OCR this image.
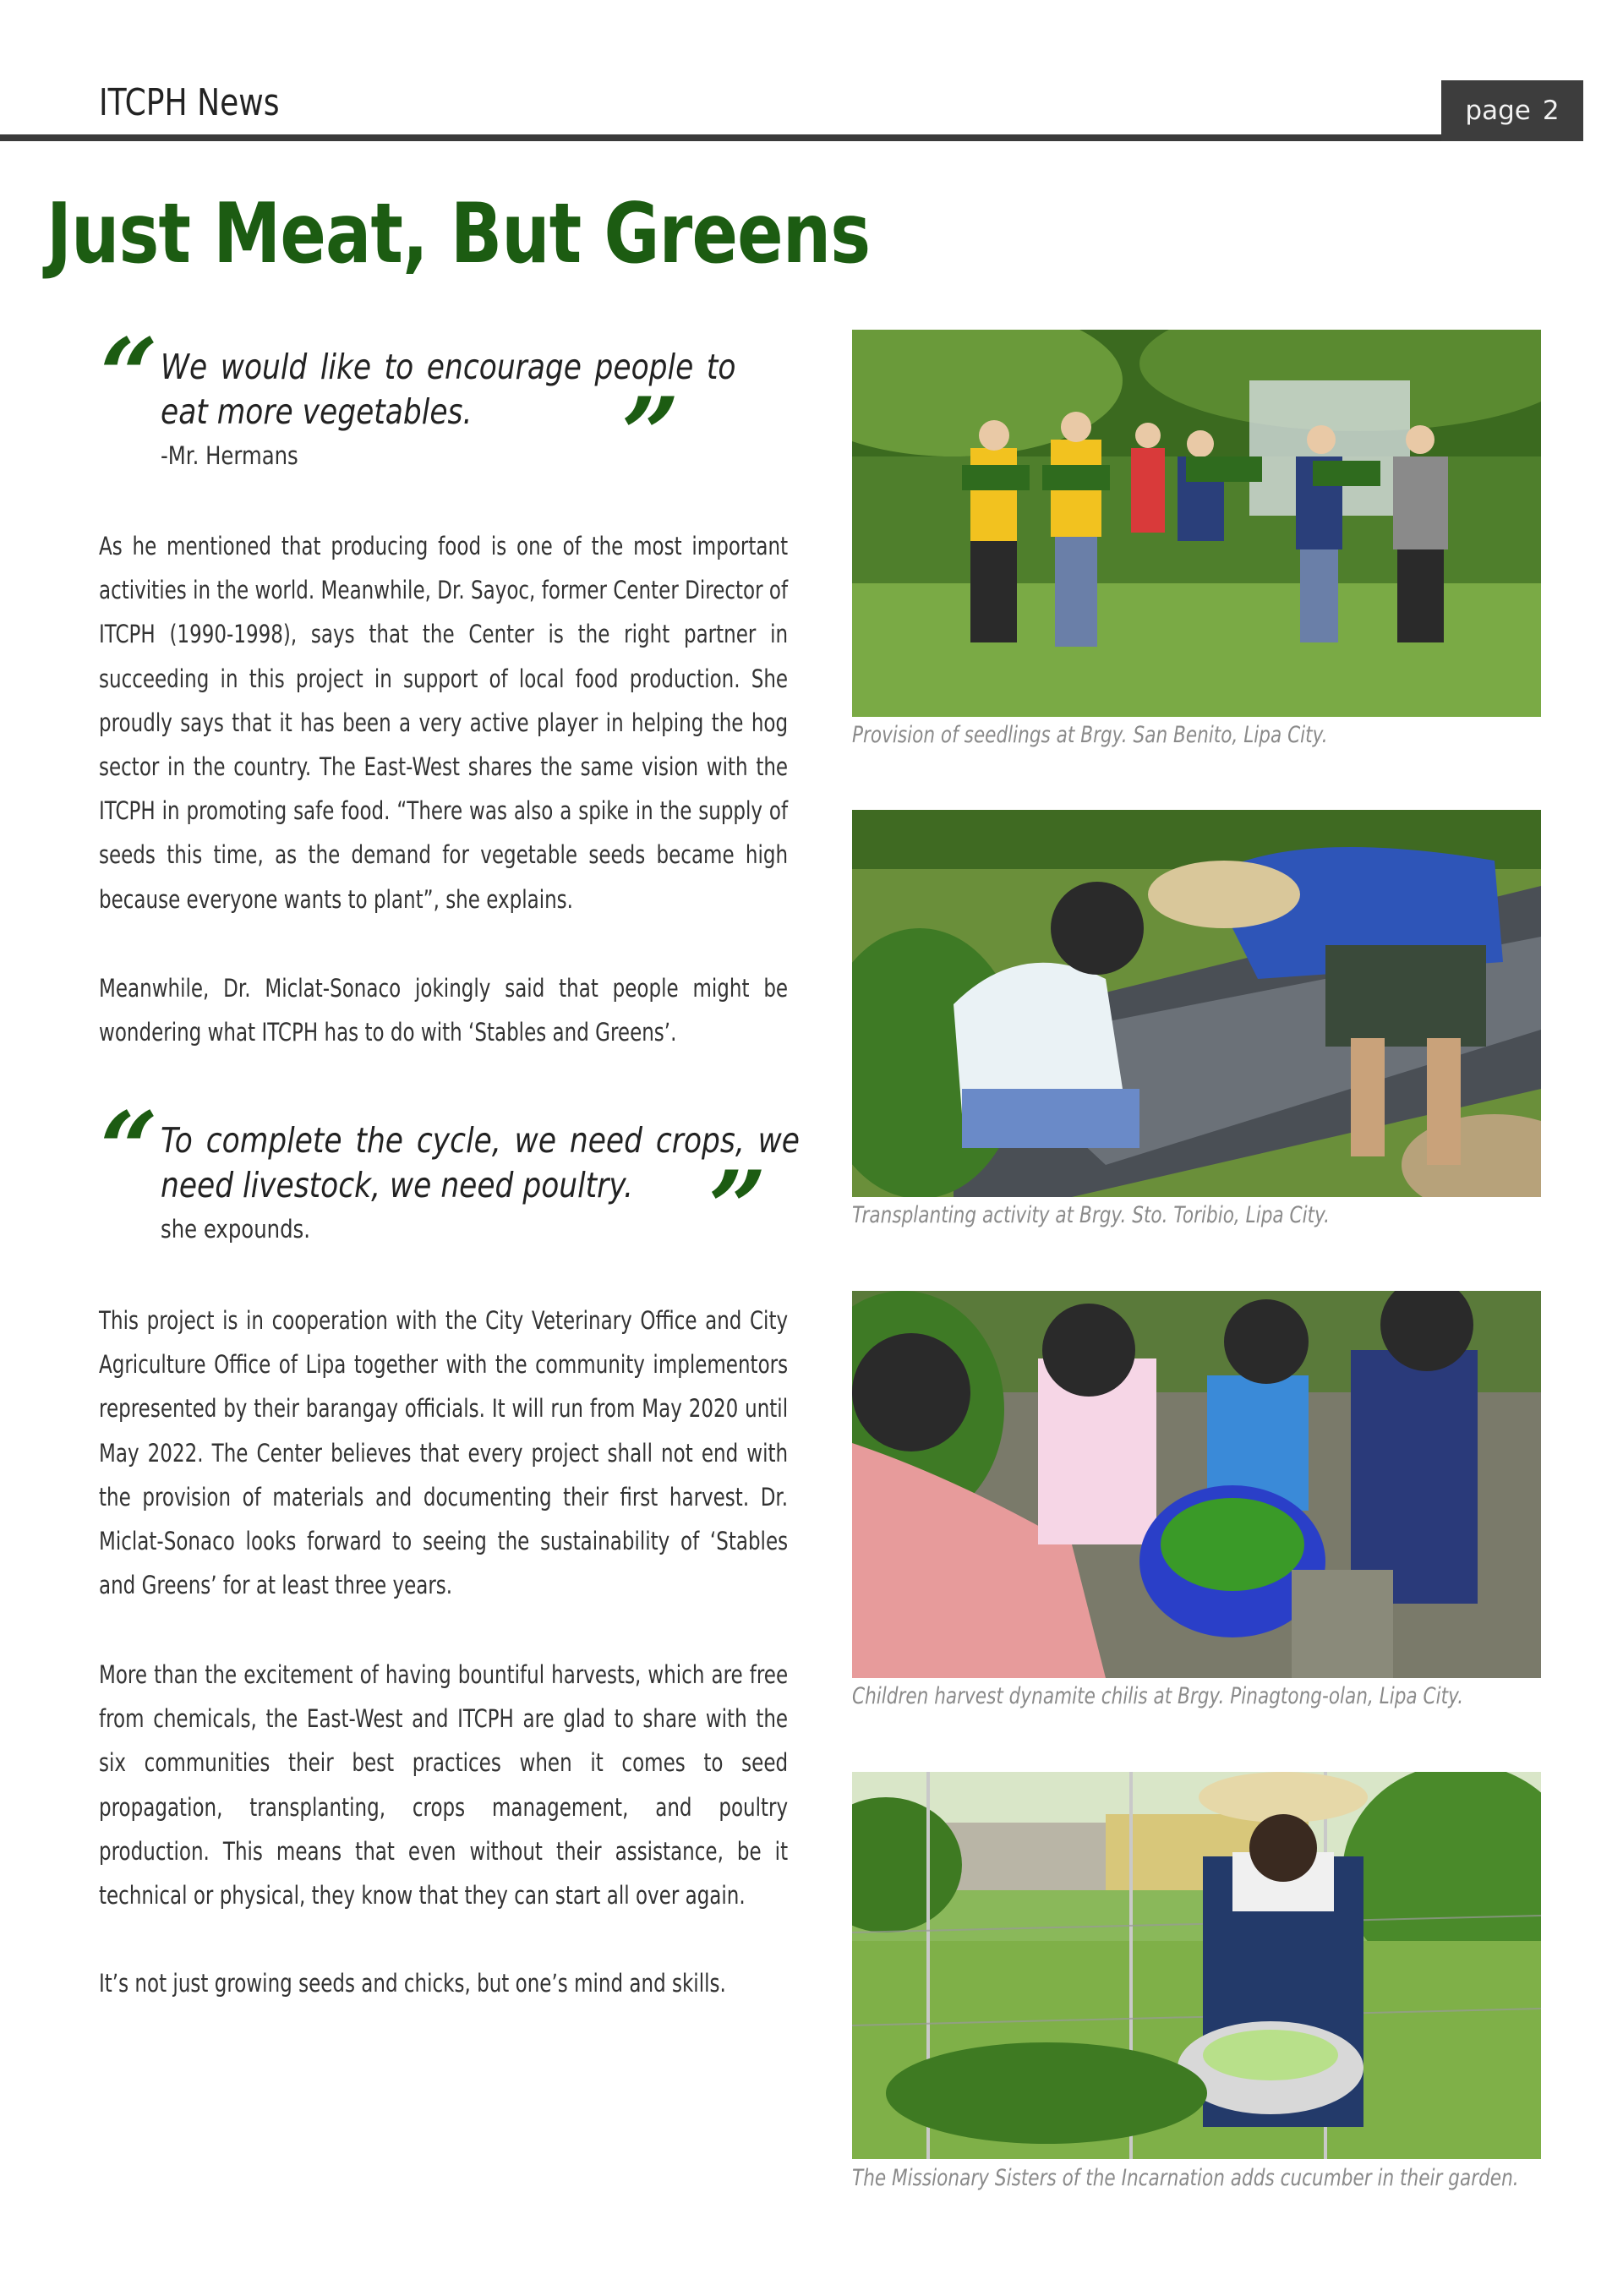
ITCPH News	page 2
Just Meat, But Greens
“ We would like to encourage people to eat more vegetables.	”
-Mr. Hermans
As he mentioned that producing food is one of the most important activities in the world. Meanwhile, Dr. Sayoc, former Center Director of ITCPH (1990-1998), says that the Center is the right partner in succeeding in this project in support of local food production. She proudly says that it has been a very active player in helping the hog sector in the country. The East-West shares the same vision with the ITCPH in promoting safe food. “There was also a spike in the supply of seeds this time, as the demand for vegetable seeds became high because everyone wants to plant”, she explains.
Meanwhile, Dr. Miclat-Sonaco jokingly said that people might be wondering what ITCPH has to do with ‘Stables and Greens’.
“ To complete the cycle, we need crops, we need livestock, we need poultry. ”
she expounds.
This project is in cooperation with the City Veterinary Office and City Agriculture Office of Lipa together with the community implementors represented by their barangay officials. It will run from May 2020 until May 2022. The Center believes that every project shall not end with the provision of materials and documenting their first harvest. Dr. Miclat-Sonaco looks forward to seeing the sustainability of ‘Stables and Greens’ for at least three years.
More than the excitement of having bountiful harvests, which are free from chemicals, the East-West and ITCPH are glad to share with the six communities their best practices when it comes to seed propagation, transplanting, crops management, and poultry production. This means that even without their assistance, be it technical or physical, they know that they can start all over again.
It’s not just growing seeds and chicks, but one’s mind and skills.
Provision of seedlings at Brgy. San Benito, Lipa City.
Transplanting activity at Brgy. Sto. Toribio, Lipa City.
Children harvest dynamite chilis at Brgy. Pinagtong-olan, Lipa City.
The Missionary Sisters of the Incarnation adds cucumber in their garden.
